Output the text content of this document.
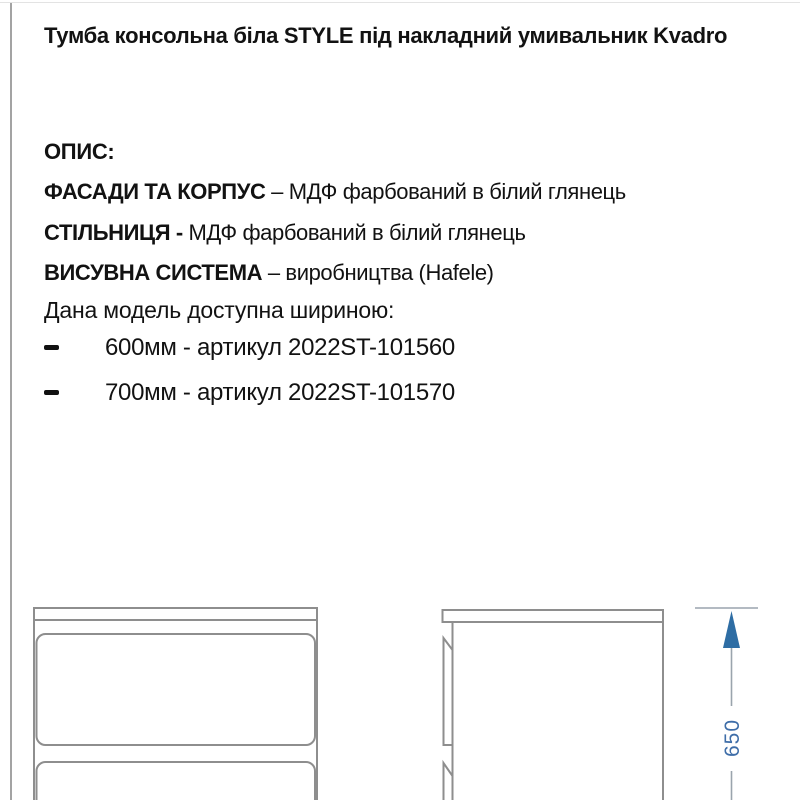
Тумба консольна біла STYLE під накладний умивальник Kvadro
ОПИС:
ФАСАДИ ТА КОРПУС – МДФ фарбований в білий глянець
СТІЛЬНИЦЯ - МДФ фарбований в білий глянець
ВИСУВНА СИСТЕМА – виробництва (Hafele)
Дана модель доступна шириною:
600мм - артикул 2022ST-101560
700мм - артикул 2022ST-101570
650
